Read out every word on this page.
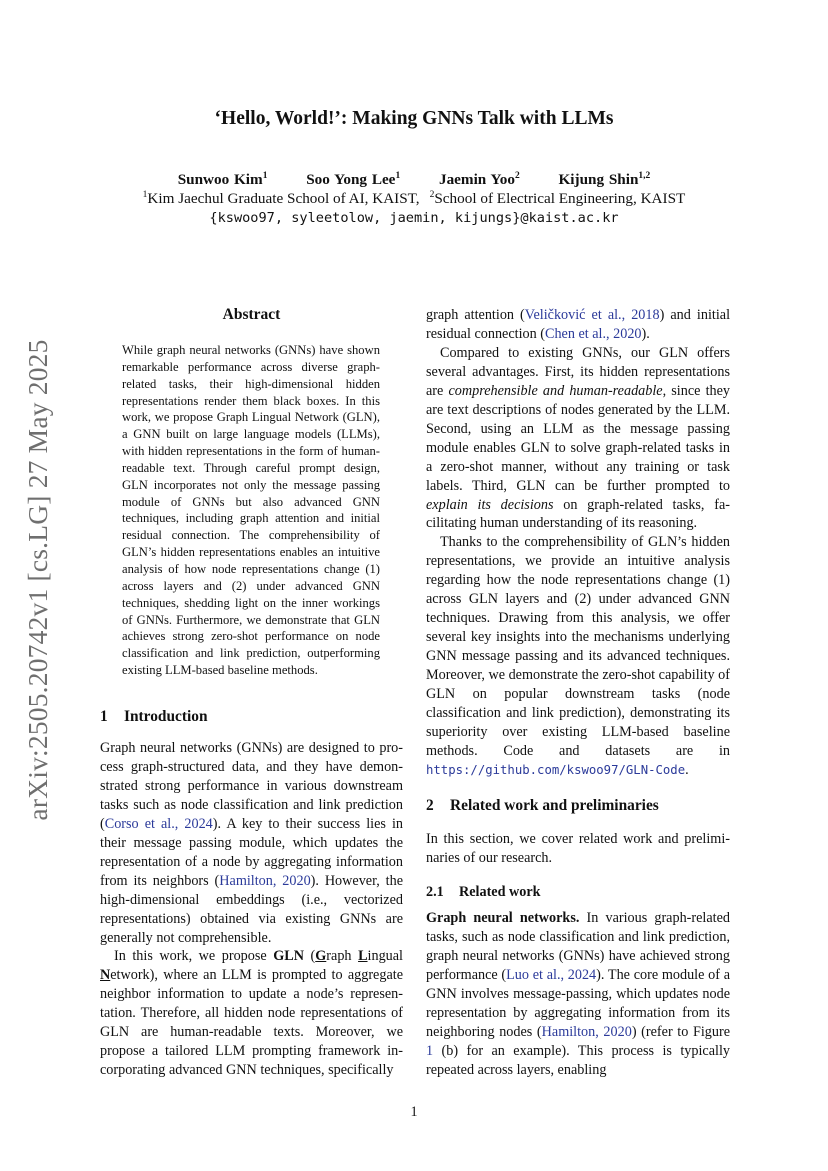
arXiv:2505.20742v1 [cs.LG] 27 May 2025
‘Hello, World!’: Making GNNs Talk with LLMs
Sunwoo Kim$^1$	Soo Yong Lee$^1$	Jaemin Yoo$^2$	Kijung Shin$^{1,2}$
$^1$Kim Jaechul Graduate School of AI, KAIST, $^2$School of Electrical Engineering, KAIST
{kswoo97, syleetolow, jaemin, kijungs}@kaist.ac.kr
Abstract
While graph neural networks (GNNs) have shown remarkable performance across diverse graph-related tasks, their high-dimensional hidden representations render them black boxes. In this work, we propose Graph Lingual Network (GLN), a GNN built on large language models (LLMs), with hidden representations in the form of human-readable text. Through careful prompt design, GLN incorporates not only the message passing module of GNNs but also advanced GNN techniques, including graph attention and initial residual connection. The comprehensibility of GLN’s hidden representations enables an intuitive analysis of how node representations change (1) across layers and (2) under advanced GNN techniques, shedding light on the inner workings of GNNs. Furthermore, we demonstrate that GLN achieves strong zero-shot performance on node classification and link prediction, outperforming existing LLM-based baseline methods.
1 Introduction

Graph neural networks (GNNs) are designed to process graph-structured data, and they have demonstrated strong performance in various downstream tasks such as node classification and link prediction (Corso et al., 2024). A key to their success lies in their message passing module, which updates the representation of a node by aggregating information from its neighbors (Hamilton, 2020). However, the high-dimensional embeddings (i.e., vectorized representations) obtained via existing GNNs are generally not comprehensible.

In this work, we propose GLN (Graph Lingual Network), where an LLM is prompted to aggregate neighbor information to update a node’s representation. Therefore, all hidden node representations of GLN are human-readable texts. Moreover, we propose a tailored LLM prompting framework incorporating advanced GNN techniques, specifically

graph attention (Veličković et al., 2018) and initial residual connection (Chen et al., 2020).

Compared to existing GNNs, our GLN offers several advantages. First, its hidden representations are comprehensible and human-readable, since they are text descriptions of nodes generated by the LLM. Second, using an LLM as the message passing module enables GLN to solve graph-related tasks in a zero-shot manner, without any training or task labels. Third, GLN can be further prompted to explain its decisions on graph-related tasks, facilitating human understanding of its reasoning.

Thanks to the comprehensibility of GLN’s hidden representations, we provide an intuitive analysis regarding how the node representations change (1) across GLN layers and (2) under advanced GNN techniques. Drawing from this analysis, we offer several key insights into the mechanisms underlying GNN message passing and its advanced techniques. Moreover, we demonstrate the zero-shot capability of GLN on popular downstream tasks (node classification and link prediction), demonstrating its superiority over existing LLM-based baseline methods. Code and datasets are in https://github.com/kswoo97/GLN-Code.

2 Related work and preliminaries

In this section, we cover related work and preliminaries of our research.

2.1 Related work

Graph neural networks. In various graph-related tasks, such as node classification and link prediction, graph neural networks (GNNs) have achieved strong performance (Luo et al., 2024). The core module of a GNN involves message-passing, which updates node representation by aggregating information from its neighboring nodes (Hamilton, 2020) (refer to Figure 1 (b) for an example). This process is typically repeated across layers, enabling

1
